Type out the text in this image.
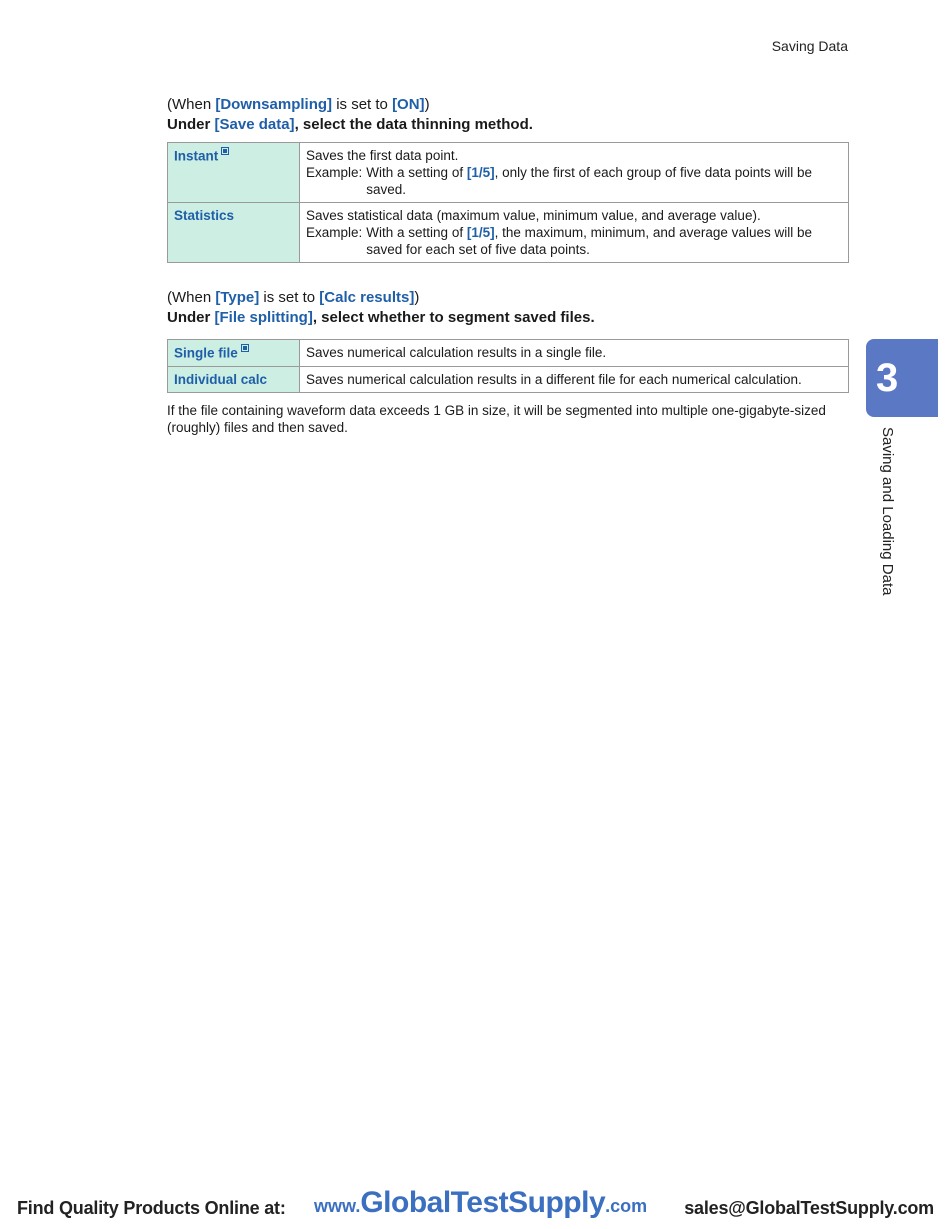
Saving Data
(When [Downsampling] is set to [ON])
Under [Save data], select the data thinning method.
Instant	Saves the first data point.
Example: With a setting of [1/5], only the first of each group of five data points will be saved.

Statistics	Saves statistical data (maximum value, minimum value, and average value).
Example: With a setting of [1/5], the maximum, minimum, and average values will be saved for each set of five data points.
(When [Type] is set to [Calc results])
Under [File splitting], select whether to segment saved files.
Single file	Saves numerical calculation results in a single file.

Individual calc	Saves numerical calculation results in a different file for each numerical calculation.
If the file containing waveform data exceeds 1 GB in size, it will be segmented into multiple one-gigabyte-sized (roughly) files and then saved.
3
Saving and Loading Data
Find Quality Products Online at: www.GlobalTestSupply.com sales@GlobalTestSupply.com
